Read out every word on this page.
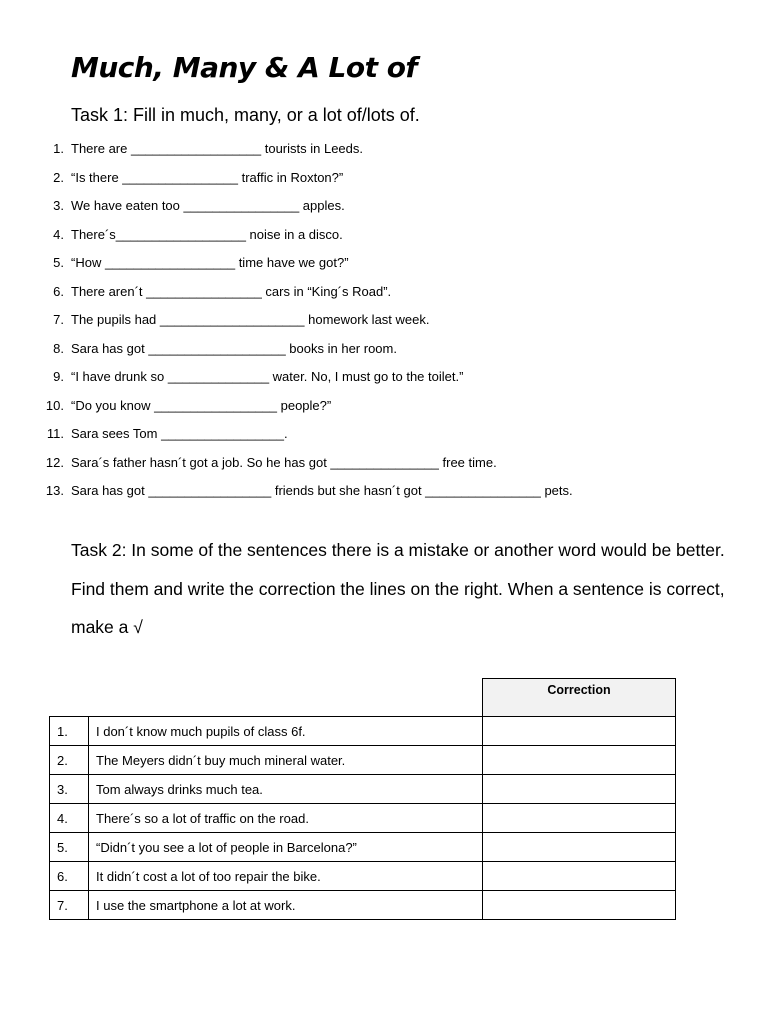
Much, Many & A Lot of
Task 1: Fill in much, many, or a lot of/lots of.
1. There are __________________ tourists in Leeds.
2. “Is there ________________ traffic in Roxton?”
3. We have eaten too ________________ apples.
4. There´s__________________ noise in a disco.
5. “How __________________ time have we got?”
6. There aren´t ________________ cars in “King´s Road”.
7. The pupils had ____________________ homework last week.
8. Sara has got ___________________ books in her room.
9. “I have drunk so ______________ water. No, I must go to the toilet.”
10. “Do you know _________________ people?”
11. Sara sees Tom _________________.
12. Sara´s father hasn´t got a job. So he has got _______________ free time.
13. Sara has got _________________ friends but she hasn´t got ________________ pets.
Task 2: In some of the sentences there is a mistake or another word would be better. Find them and write the correction the lines on the right. When a sentence is correct, make a √
		Correction
1.	I don´t know much pupils of class 6f.	
2.	The Meyers didn´t buy much mineral water.	
3.	Tom always drinks much tea.	
4.	There´s so a lot of traffic on the road.	
5.	“Didn´t you see a lot of people in Barcelona?”	
6.	It didn´t cost a lot of too repair the bike.	
7.	I use the smartphone a lot at work.	
